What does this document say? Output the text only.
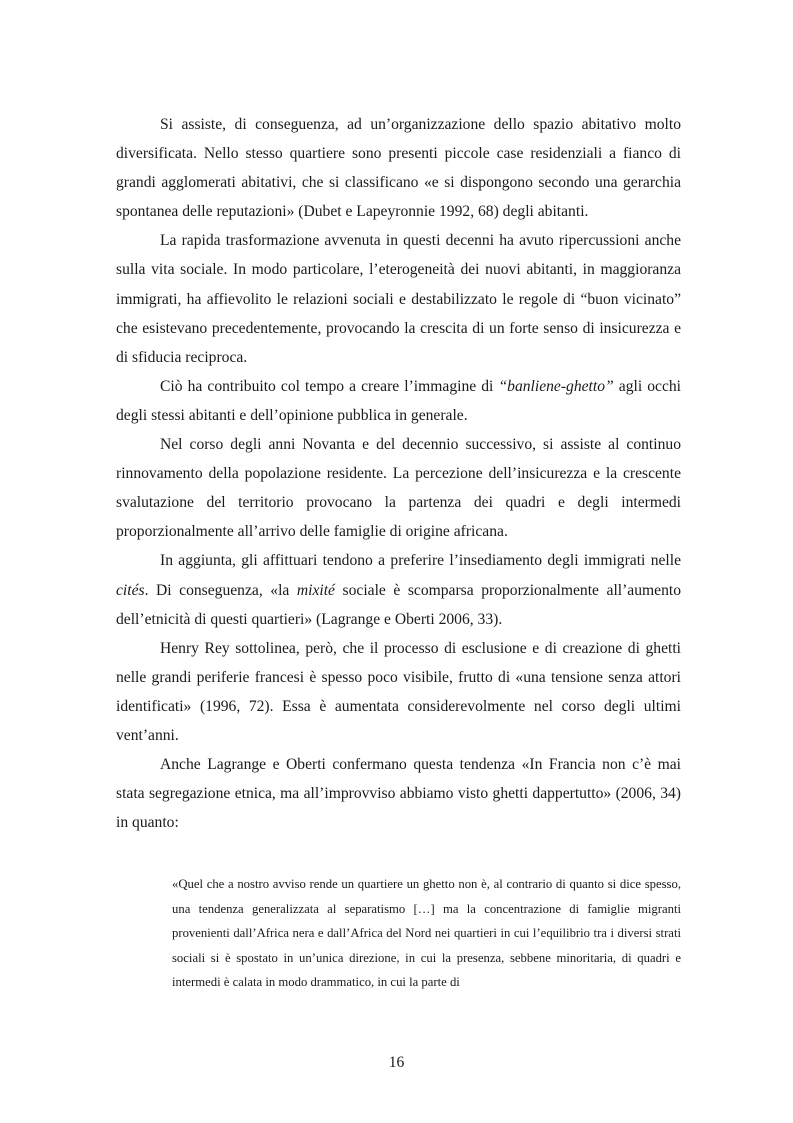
Si assiste, di conseguenza, ad un’organizzazione dello spazio abitativo molto diversificata. Nello stesso quartiere sono presenti piccole case residenziali a fianco di grandi agglomerati abitativi, che si classificano «e si dispongono secondo una gerarchia spontanea delle reputazioni» (Dubet e Lapeyronnie 1992, 68) degli abitanti.

La rapida trasformazione avvenuta in questi decenni ha avuto ripercussioni anche sulla vita sociale. In modo particolare, l’eterogeneità dei nuovi abitanti, in maggioranza immigrati, ha affievolito le relazioni sociali e destabilizzato le regole di “buon vicinato” che esistevano precedentemente, provocando la crescita di un forte senso di insicurezza e di sfiducia reciproca.

Ciò ha contribuito col tempo a creare l’immagine di “banliene-ghetto” agli occhi degli stessi abitanti e dell’opinione pubblica in generale.

Nel corso degli anni Novanta e del decennio successivo, si assiste al continuo rinnovamento della popolazione residente. La percezione dell’insicurezza e la crescente svalutazione del territorio provocano la partenza dei quadri e degli intermedi proporzionalmente all’arrivo delle famiglie di origine africana.

In aggiunta, gli affittuari tendono a preferire l’insediamento degli immigrati nelle cités. Di conseguenza, «la mixité sociale è scomparsa proporzionalmente all’aumento dell’etnicità di questi quartieri» (Lagrange e Oberti 2006, 33).

Henry Rey sottolinea, però, che il processo di esclusione e di creazione di ghetti nelle grandi periferie francesi è spesso poco visibile, frutto di «una tensione senza attori identificati» (1996, 72). Essa è aumentata considerevolmente nel corso degli ultimi vent’anni.

Anche Lagrange e Oberti confermano questa tendenza «In Francia non c’è mai stata segregazione etnica, ma all’improvviso abbiamo visto ghetti dappertutto» (2006, 34) in quanto:

«Quel che a nostro avviso rende un quartiere un ghetto non è, al contrario di quanto si dice spesso, una tendenza generalizzata al separatismo […] ma la concentrazione di famiglie migranti provenienti dall’Africa nera e dall’Africa del Nord nei quartieri in cui l’equilibrio tra i diversi strati sociali si è spostato in un’unica direzione, in cui la presenza, sebbene minoritaria, di quadri e intermedi è calata in modo drammatico, in cui la parte di

16
